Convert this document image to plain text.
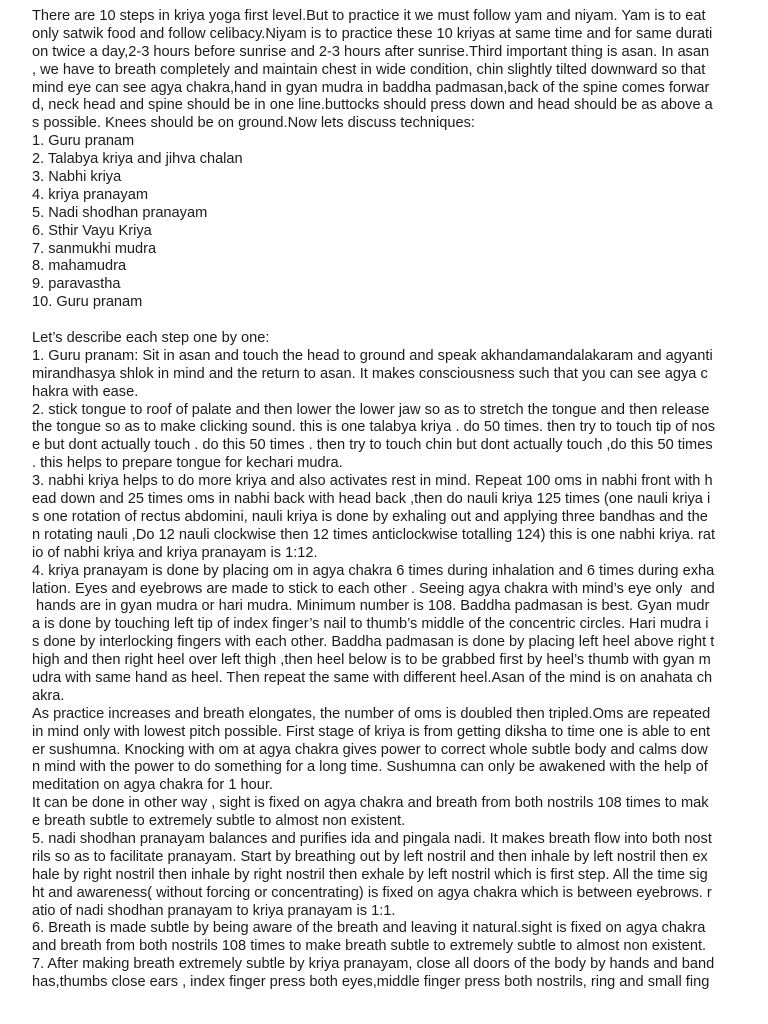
There are 10 steps in kriya yoga first level.But to practice it we must follow yam and niyam. Yam is to eat
only satwik food and follow celibacy.Niyam is to practice these 10 kriyas at same time and for same durati
on twice a day,2-3 hours before sunrise and 2-3 hours after sunrise.Third important thing is asan. In asan
, we have to breath completely and maintain chest in wide condition, chin slightly tilted downward so that
mind eye can see agya chakra,hand in gyan mudra in baddha padmasan,back of the spine comes forwar
d, neck head and spine should be in one line.buttocks should press down and head should be as above a
s possible. Knees should be on ground.Now lets discuss techniques:
1. Guru pranam
2. Talabya kriya and jihva chalan
3. Nabhi kriya
4. kriya pranayam
5. Nadi shodhan pranayam
6. Sthir Vayu Kriya
7. sanmukhi mudra
8. mahamudra
9. paravastha
10. Guru pranam
Let’s describe each step one by one:
1. Guru pranam: Sit in asan and touch the head to ground and speak akhandamandalakaram and agyanti
mirandhasya shlok in mind and the return to asan. It makes consciousness such that you can see agya c
hakra with ease.
2. stick tongue to roof of palate and then lower the lower jaw so as to stretch the tongue and then release
the tongue so as to make clicking sound. this is one talabya kriya . do 50 times. then try to touch tip of nos
e but dont actually touch . do this 50 times . then try to touch chin but dont actually touch ,do this 50 times
. this helps to prepare tongue for kechari mudra.
3. nabhi kriya helps to do more kriya and also activates rest in mind. Repeat 100 oms in nabhi front with h
ead down and 25 times oms in nabhi back with head back ,then do nauli kriya 125 times (one nauli kriya i
s one rotation of rectus abdomini, nauli kriya is done by exhaling out and applying three bandhas and the
n rotating nauli ,Do 12 nauli clockwise then 12 times anticlockwise totalling 124) this is one nabhi kriya. rat
io of nabhi kriya and kriya pranayam is 1:12.
4. kriya pranayam is done by placing om in agya chakra 6 times during inhalation and 6 times during exha
lation. Eyes and eyebrows are made to stick to each other . Seeing agya chakra with mind’s eye only  and
hands are in gyan mudra or hari mudra. Minimum number is 108. Baddha padmasan is best. Gyan mudr
a is done by touching left tip of index finger’s nail to thumb’s middle of the concentric circles. Hari mudra i
s done by interlocking fingers with each other. Baddha padmasan is done by placing left heel above right t
high and then right heel over left thigh ,then heel below is to be grabbed first by heel’s thumb with gyan m
udra with same hand as heel. Then repeat the same with different heel.Asan of the mind is on anahata ch
akra.
As practice increases and breath elongates, the number of oms is doubled then tripled.Oms are repeated
in mind only with lowest pitch possible. First stage of kriya is from getting diksha to time one is able to ent
er sushumna. Knocking with om at agya chakra gives power to correct whole subtle body and calms dow
n mind with the power to do something for a long time. Sushumna can only be awakened with the help of
meditation on agya chakra for 1 hour.
It can be done in other way , sight is fixed on agya chakra and breath from both nostrils 108 times to mak
e breath subtle to extremely subtle to almost non existent.
5. nadi shodhan pranayam balances and purifies ida and pingala nadi. It makes breath flow into both nost
rils so as to facilitate pranayam. Start by breathing out by left nostril and then inhale by left nostril then ex
hale by right nostril then inhale by right nostril then exhale by left nostril which is first step. All the time sig
ht and awareness( without forcing or concentrating) is fixed on agya chakra which is between eyebrows. r
atio of nadi shodhan pranayam to kriya pranayam is 1:1.
6. Breath is made subtle by being aware of the breath and leaving it natural.sight is fixed on agya chakra
and breath from both nostrils 108 times to make breath subtle to extremely subtle to almost non existent.
7. After making breath extremely subtle by kriya pranayam, close all doors of the body by hands and band
has,thumbs close ears , index finger press both eyes,middle finger press both nostrils, ring and small fing
